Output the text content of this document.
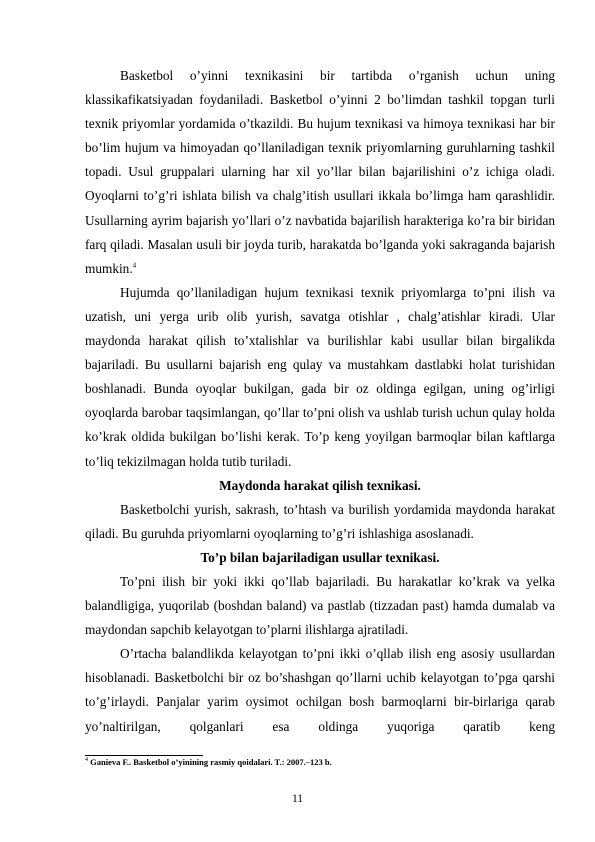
Basketbol o’yinni texnikasini bir tartibda o’rganish uchun uning klassikafikatsiyadan foydaniladi. Basketbol o’yinni 2 bo’limdan tashkil topgan turli texnik priyomlar yordamida o’tkazildi. Bu hujum texnikasi va himoya texnikasi har bir bo’lim hujum va himoyadan qo’llaniladigan texnik priyomlarning guruhlarning tashkil topadi. Usul gruppalari ularning har xil yo’llar bilan bajarilishini o’z ichiga oladi. Oyoqlarni to’g’ri ishlata bilish va chalg’itish usullari ikkala bo’limga ham qarashlidir. Usullarning ayrim bajarish yo’llari o’z navbatida bajarilish harakteriga ko’ra bir biridan farq qiladi. Masalan usuli bir joyda turib, harakatda bo’lganda yoki sakraganda bajarish mumkin.$^4$

Hujumda qo’llaniladigan hujum texnikasi texnik priyomlarga to’pni ilish va uzatish, uni yerga urib olib yurish, savatga otishlar , chalg’atishlar kiradi. Ular maydonda harakat qilish to’xtalishlar va burilishlar kabi usullar bilan birgalikda bajariladi. Bu usullarni bajarish eng qulay va mustahkam dastlabki holat turishidan boshlanadi. Bunda oyoqlar bukilgan, gada bir oz oldinga egilgan, uning og’irligi oyoqlarda barobar taqsimlangan, qo’llar to’pni olish va ushlab turish uchun qulay holda ko’krak oldida bukilgan bo’lishi kerak. To’p keng yoyilgan barmoqlar bilan kaftlarga to’liq tekizilmagan holda tutib turiladi.

Maydonda harakat qilish texnikasi.

Basketbolchi yurish, sakrash, to’htash va burilish yordamida maydonda harakat qiladi. Bu guruhda priyomlarni oyoqlarning to’g’ri ishlashiga asoslanadi.

To’p bilan bajariladigan usullar texnikasi.

To’pni ilish bir yoki ikki qo’llab bajariladi. Bu harakatlar ko’krak va yelka balandligiga, yuqorilab (boshdan baland) va pastlab (tizzadan past) hamda dumalab va maydondan sapchib kelayotgan to’plarni ilishlarga ajratiladi.

O’rtacha balandlikda kelayotgan to’pni ikki o’qllab ilish eng asosiy usullardan hisoblanadi. Basketbolchi bir oz bo’shashgan qo’llarni uchib kelayotgan to’pga qarshi to’g’irlaydi. Panjalar yarim oysimot ochilgan bosh barmoqlarni bir-birlariga qarab yo’naltirilgan, qolganlari esa oldinga yuqoriga qaratib keng

$^4$ Ganieva F.. Basketbol o’yinining rasmiy qoidalari. T.: 2007.–123 b.
11
